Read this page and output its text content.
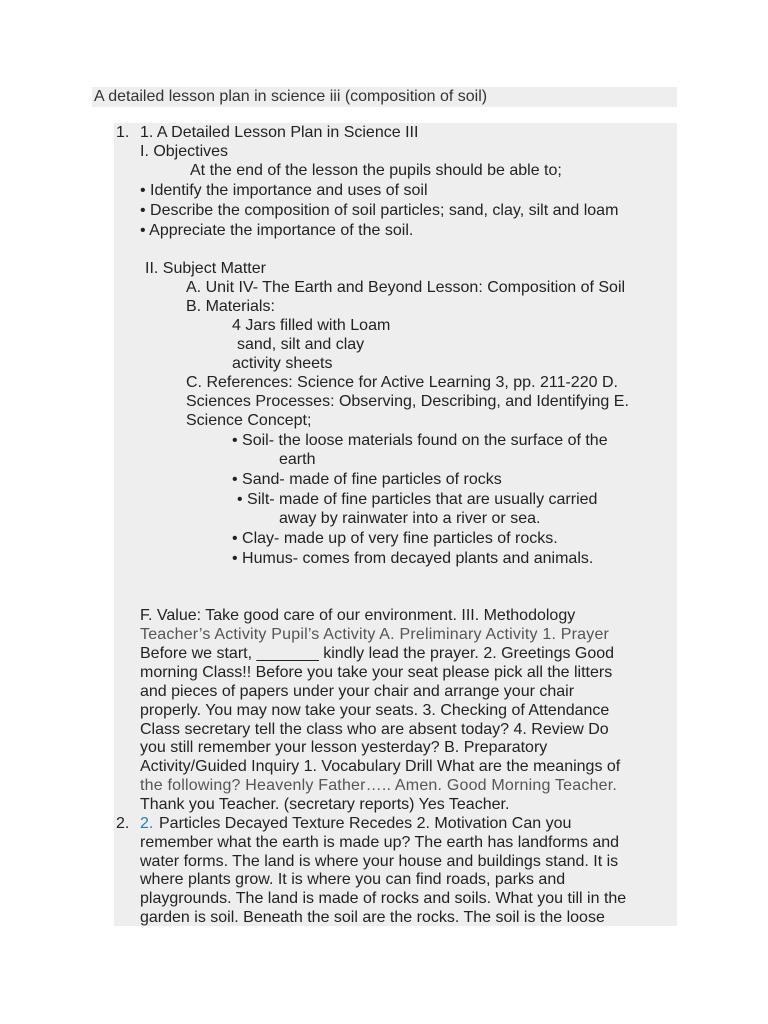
A detailed lesson plan in science iii (composition of soil)
1. 1. A Detailed Lesson Plan in Science III
I. Objectives
At the end of the lesson the pupils should be able to;
• Identify the importance and uses of soil
• Describe the composition of soil particles; sand, clay, silt and loam
• Appreciate the importance of the soil.
II. Subject Matter
A. Unit IV- The Earth and Beyond Lesson: Composition of Soil
B. Materials:
4 Jars filled with Loam
sand, silt and clay
activity sheets
C. References: Science for Active Learning 3, pp. 211-220 D.
Sciences Processes: Observing, Describing, and Identifying E.
Science Concept;
• Soil- the loose materials found on the surface of the
earth
• Sand- made of fine particles of rocks
• Silt- made of fine particles that are usually carried
away by rainwater into a river or sea.
• Clay- made up of very fine particles of rocks.
• Humus- comes from decayed plants and animals.
F. Value: Take good care of our environment. III. Methodology
Teacher’s Activity Pupil’s Activity A. Preliminary Activity 1. Prayer
Before we start, _______ kindly lead the prayer. 2. Greetings Good
morning Class!! Before you take your seat please pick all the litters
and pieces of papers under your chair and arrange your chair
properly. You may now take your seats. 3. Checking of Attendance
Class secretary tell the class who are absent today? 4. Review Do
you still remember your lesson yesterday? B. Preparatory
Activity/Guided Inquiry 1. Vocabulary Drill What are the meanings of
the following? Heavenly Father….. Amen. Good Morning Teacher.
Thank you Teacher. (secretary reports) Yes Teacher.
2. 2. Particles Decayed Texture Recedes 2. Motivation Can you
remember what the earth is made up? The earth has landforms and
water forms. The land is where your house and buildings stand. It is
where plants grow. It is where you can find roads, parks and
playgrounds. The land is made of rocks and soils. What you till in the
garden is soil. Beneath the soil are the rocks. The soil is the loose
